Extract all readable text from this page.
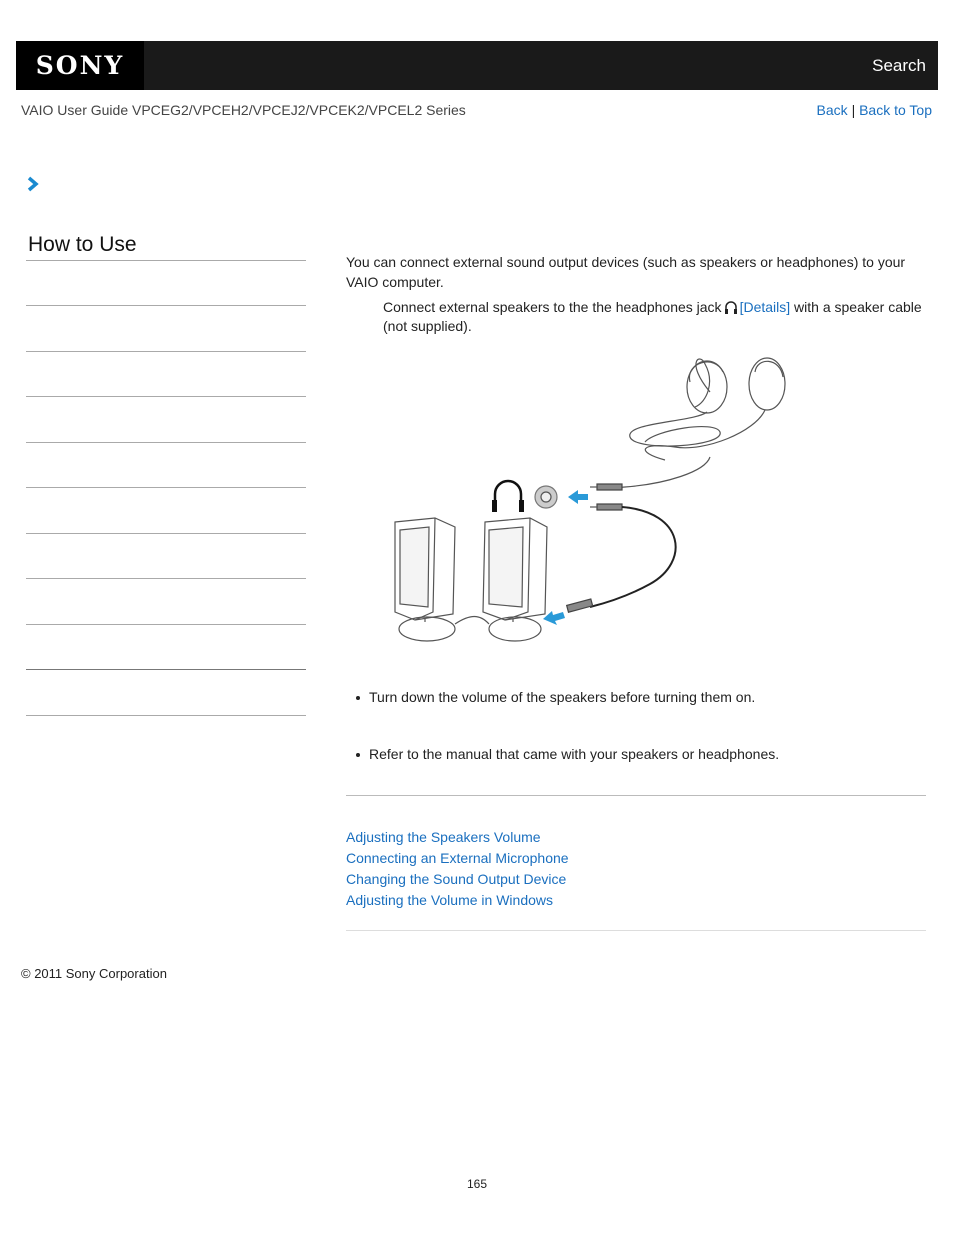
SONY	Search
VAIO User Guide VPCEG2/VPCEH2/VPCEJ2/VPCEK2/VPCEL2 Series	Back | Back to Top
How to Use
You can connect external sound output devices (such as speakers or headphones) to your VAIO computer.
Connect external speakers to the the headphones jack [Details] with a speaker cable (not supplied).
Turn down the volume of the speakers before turning them on.
Refer to the manual that came with your speakers or headphones.
Adjusting the Speakers Volume
Connecting an External Microphone
Changing the Sound Output Device
Adjusting the Volume in Windows
© 2011 Sony Corporation
165
